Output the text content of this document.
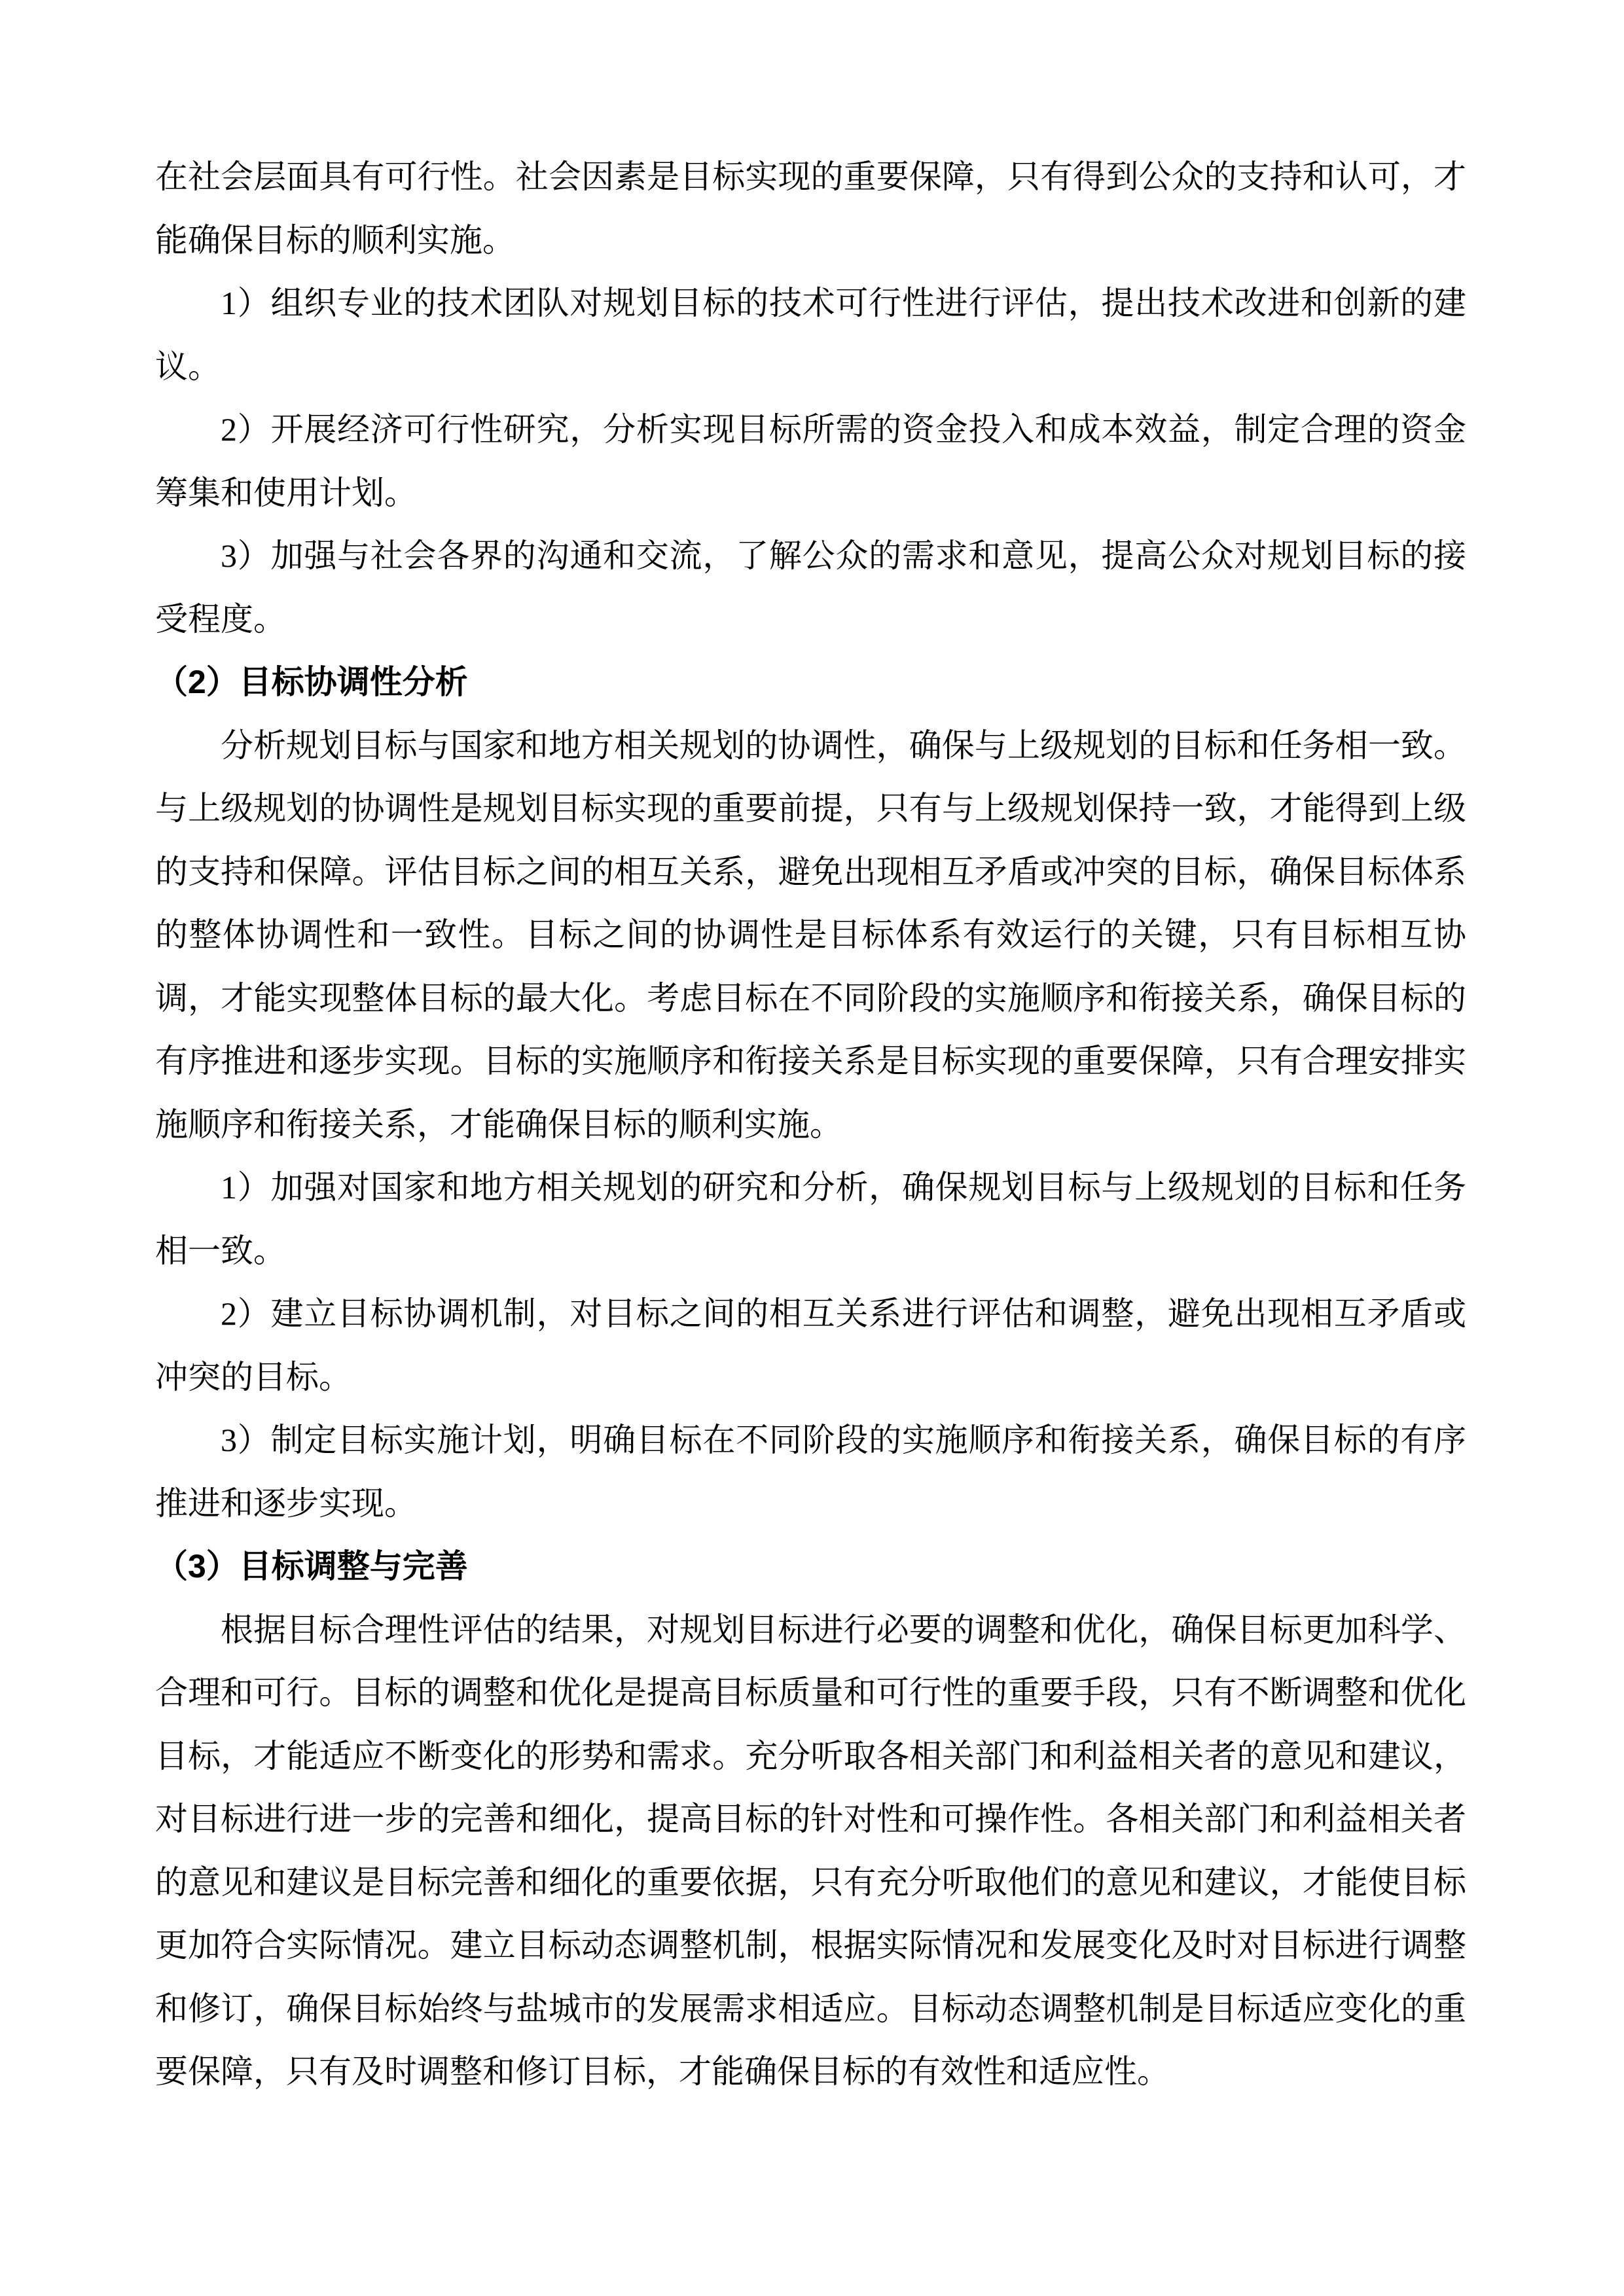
在社会层面具有可行性。社会因素是目标实现的重要保障，只有得到公众的支持和认可，才能确保目标的顺利实施。

1）组织专业的技术团队对规划目标的技术可行性进行评估，提出技术改进和创新的建议。

2）开展经济可行性研究，分析实现目标所需的资金投入和成本效益，制定合理的资金筹集和使用计划。

3）加强与社会各界的沟通和交流，了解公众的需求和意见，提高公众对规划目标的接受程度。

（2）目标协调性分析

分析规划目标与国家和地方相关规划的协调性，确保与上级规划的目标和任务相一致。与上级规划的协调性是规划目标实现的重要前提，只有与上级规划保持一致，才能得到上级的支持和保障。评估目标之间的相互关系，避免出现相互矛盾或冲突的目标，确保目标体系的整体协调性和一致性。目标之间的协调性是目标体系有效运行的关键，只有目标相互协调，才能实现整体目标的最大化。考虑目标在不同阶段的实施顺序和衔接关系，确保目标的有序推进和逐步实现。目标的实施顺序和衔接关系是目标实现的重要保障，只有合理安排实施顺序和衔接关系，才能确保目标的顺利实施。

1）加强对国家和地方相关规划的研究和分析，确保规划目标与上级规划的目标和任务相一致。

2）建立目标协调机制，对目标之间的相互关系进行评估和调整，避免出现相互矛盾或冲突的目标。

3）制定目标实施计划，明确目标在不同阶段的实施顺序和衔接关系，确保目标的有序推进和逐步实现。

（3）目标调整与完善

根据目标合理性评估的结果，对规划目标进行必要的调整和优化，确保目标更加科学、合理和可行。目标的调整和优化是提高目标质量和可行性的重要手段，只有不断调整和优化目标，才能适应不断变化的形势和需求。充分听取各相关部门和利益相关者的意见和建议，对目标进行进一步的完善和细化，提高目标的针对性和可操作性。各相关部门和利益相关者的意见和建议是目标完善和细化的重要依据，只有充分听取他们的意见和建议，才能使目标更加符合实际情况。建立目标动态调整机制，根据实际情况和发展变化及时对目标进行调整和修订，确保目标始终与盐城市的发展需求相适应。目标动态调整机制是目标适应变化的重要保障，只有及时调整和修订目标，才能确保目标的有效性和适应性。
